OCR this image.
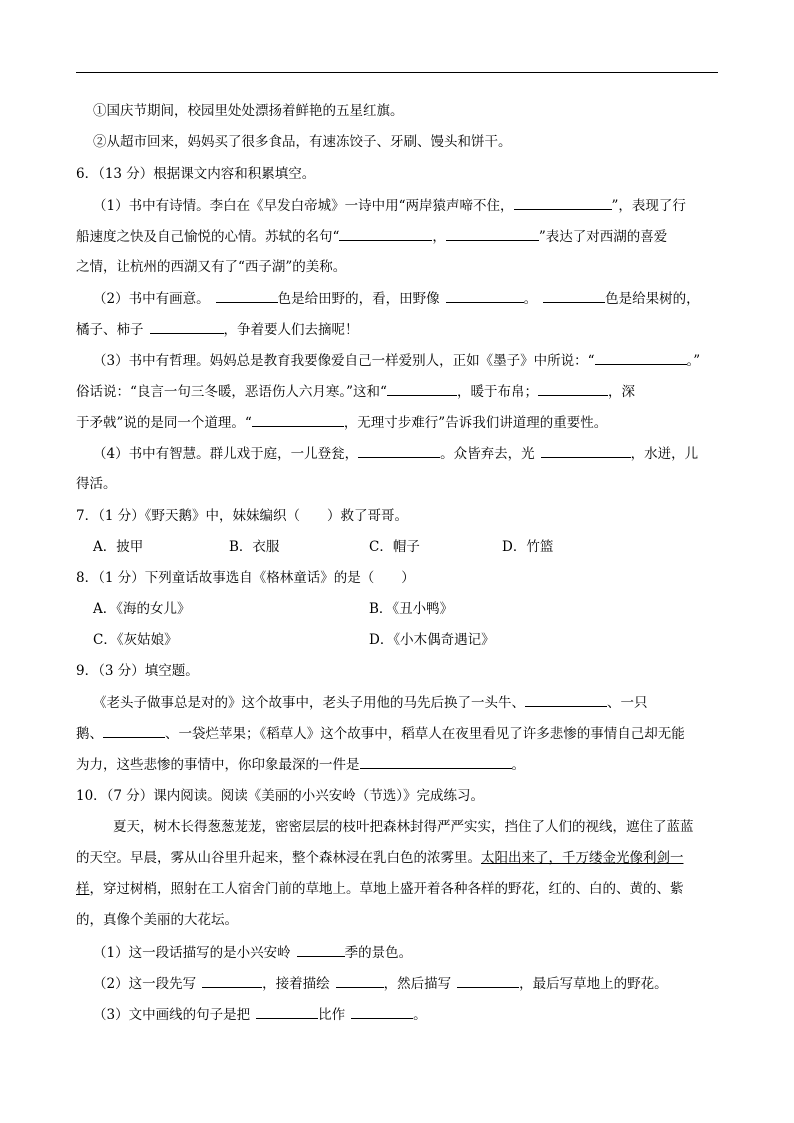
①国庆节期间，校园里处处漂扬着鲜艳的五星红旗。
②从超市回来，妈妈买了很多食品，有速冻饺子、牙刷、馒头和饼干。
6．（13 分）根据课文内容和积累填空。
（1）书中有诗情。李白在《早发白帝城》一诗中用“两岸猿声啼不住，	”，表现了行
船速度之快及自己愉悦的心情。苏轼的名句“	，	”表达了对西湖的喜爱
之情，让杭州的西湖又有了“西子湖”的美称。
（2）书中有画意。	色是给田野的，看，田野像	。	色是给果树的，
橘子、柿子	，争着要人们去摘呢！
（3）书中有哲理。妈妈总是教育我要像爱自己一样爱别人，正如《墨子》中所说：“	。”
俗话说：“良言一句三冬暖，恶语伤人六月寒。”这和“	，暖于布帛；	，深
于矛戟”说的是同一个道理。“	，无理寸步难行”告诉我们讲道理的重要性。
（4）书中有智慧。群儿戏于庭，一儿登瓮，	。众皆弃去，光	，水迸，儿
得活。
7．（1 分）《野天鹅》中，妹妹编织（　　）救了哥哥。
A．披甲	B．衣服	C．帽子	D．竹篮
8．（1 分）下列童话故事选自《格林童话》的是（　　）
A．《海的女儿》	B．《丑小鸭》
C．《灰姑娘》	D．《小木偶奇遇记》
9．（3 分）填空题。
《老头子做事总是对的》这个故事中，老头子用他的马先后换了一头牛、	、一只
鹅、	、一袋烂苹果；《稻草人》这个故事中，稻草人在夜里看见了许多悲惨的事情自己却无能
为力，这些悲惨的事情中，你印象最深的一件是	。
10．（7 分）课内阅读。阅读《美丽的小兴安岭（节选）》完成练习。
夏天，树木长得葱葱茏茏，密密层层的枝叶把森林封得严严实实，挡住了人们的视线，遮住了蓝蓝
的天空。早晨，雾从山谷里升起来，整个森林浸在乳白色的浓雾里。太阳出来了，千万缕金光像利剑一
样，穿过树梢，照射在工人宿舍门前的草地上。草地上盛开着各种各样的野花，红的、白的、黄的、紫
的，真像个美丽的大花坛。
（1）这一段话描写的是小兴安岭	季的景色。
（2）这一段先写	，接着描绘	，然后描写	，最后写草地上的野花。
（3）文中画线的句子是把	比作	。
